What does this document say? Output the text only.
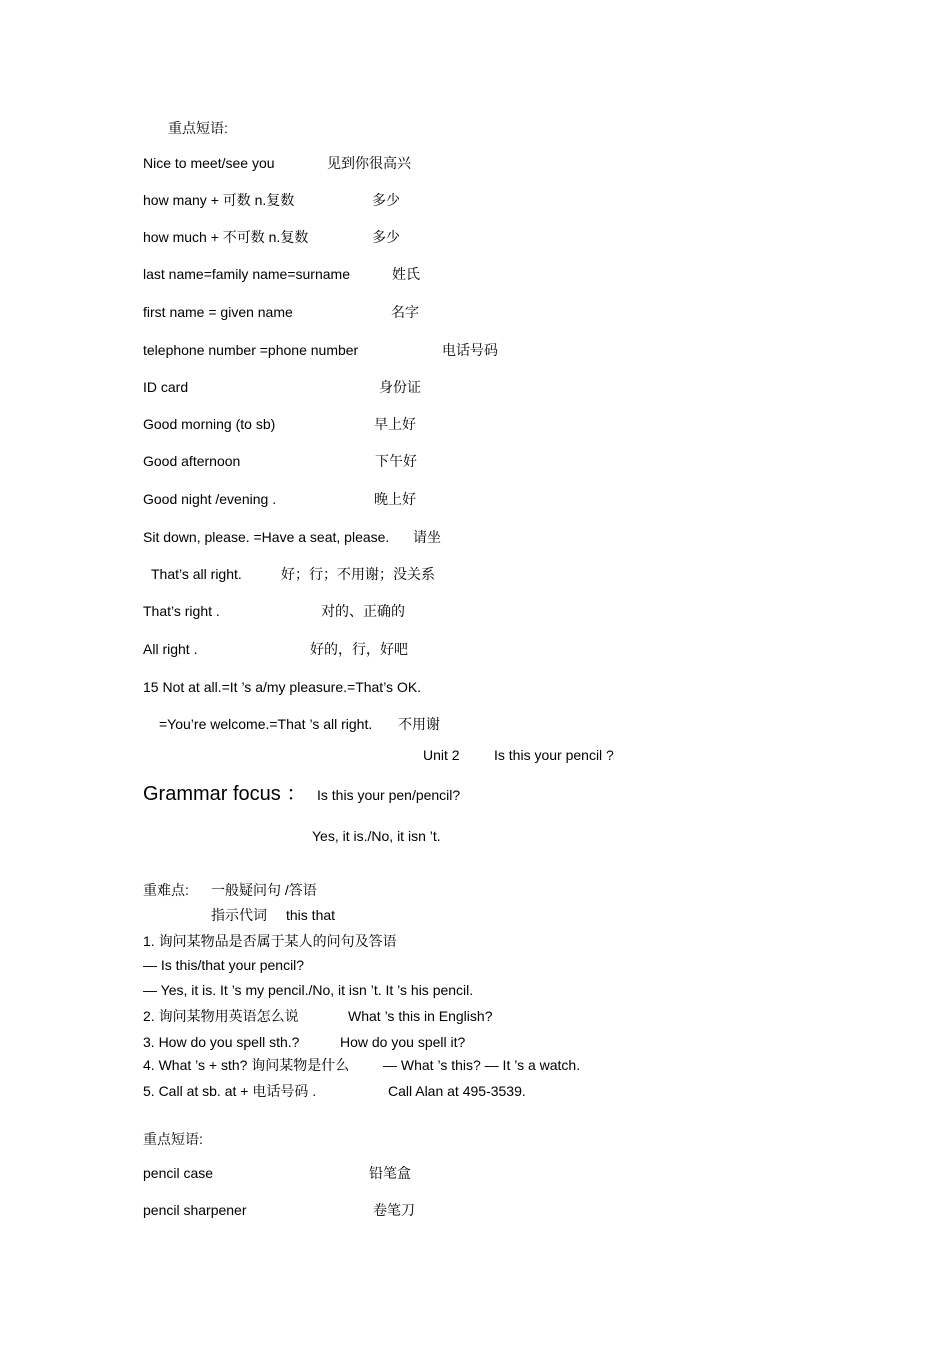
重点短语:
Nice to meet/see you	见到你很高兴
how many + 可数 n.复数	多少
how much + 不可数 n.复数	多少
last name=family name=surname	姓氏
first name = given name	名字
telephone number =phone number	电话号码
ID card	身份证
Good morning (to sb)	早上好
Good afternoon	下午好
Good night /evening .	晚上好
Sit down, please. =Have a seat, please. 请坐
That’s all right.	好；行；不用谢；没关系
That’s right .	对的、正确的
All right .	好的，行，好吧
15 Not at all.=It ’s a/my pleasure.=That’s OK.
=You’re welcome.=That ’s all right. 不用谢
Unit 2 Is this your pencil ?
Grammar focus ： Is this your pen/pencil?
Yes, it is./No, it isn ’t.
重难点: 一般疑问句 /答语
指示代词 this that
1. 询问某物品是否属于某人的问句及答语
— Is this/that your pencil?
— Yes, it is. It ’s my pencil./No, it isn ’t. It ’s his pencil.
2. 询问某物用英语怎么说	What ’s this in English?
3. How do you spell sth.?	How do you spell it?
4. What ’s + sth? 询问某物是什么 — What ’s this? — It ’s a watch.
5. Call at sb. at + 电话号码 .	Call Alan at 495-3539.
重点短语:
pencil case	铅笔盒
pencil sharpener	卷笔刀
